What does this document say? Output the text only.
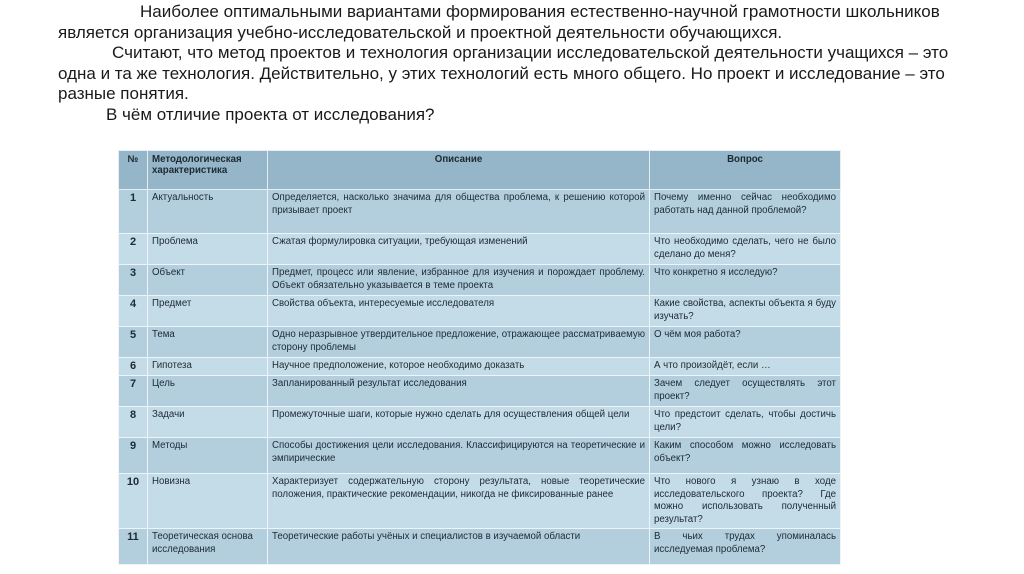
Наиболее оптимальными вариантами формирования естественно-научной грамотности школьников является организация учебно-исследовательской и проектной деятельности обучающихся.

Считают, что метод проектов и технология организации исследовательской деятельности учащихся – это одна и та же технология. Действительно, у этих технологий есть много общего. Но проект и исследование – это разные понятия.

В чём отличие проекта от исследования?

№	Методологическая характеристика	Описание	Вопрос
1	Актуальность	Определяется, насколько значима для общества проблема, к решению которой призывает проект	Почему именно сейчас необходимо работать над данной проблемой?
2	Проблема	Сжатая формулировка ситуации, требующая изменений	Что необходимо сделать, чего не было сделано до меня?
3	Объект	Предмет, процесс или явление, избранное для изучения и порождает проблему. Объект обязательно указывается в теме проекта	Что конкретно я исследую?
4	Предмет	Свойства объекта, интересуемые исследователя	Какие свойства, аспекты объекта я буду изучать?
5	Тема	Одно неразрывное утвердительное предложение, отражающее рассматриваемую сторону проблемы	О чём моя работа?
6	Гипотеза	Научное предположение, которое необходимо доказать	А что произойдёт, если …
7	Цель	Запланированный результат исследования	Зачем следует осуществлять этот проект?
8	Задачи	Промежуточные шаги, которые нужно сделать для осуществления общей цели	Что предстоит сделать, чтобы достичь цели?
9	Методы	Способы достижения цели исследования. Классифицируются на теоретические и эмпирические	Каким способом можно исследовать объект?
10	Новизна	Характеризует содержательную сторону результата, новые теоретические положения, практические рекомендации, никогда не фиксированные ранее	Что нового я узнаю в ходе исследовательского проекта? Где можно использовать полученный результат?
11	Теоретическая основа исследования	Теоретические работы учёных и специалистов в изучаемой области	В чьих трудах упоминалась исследуемая проблема?
